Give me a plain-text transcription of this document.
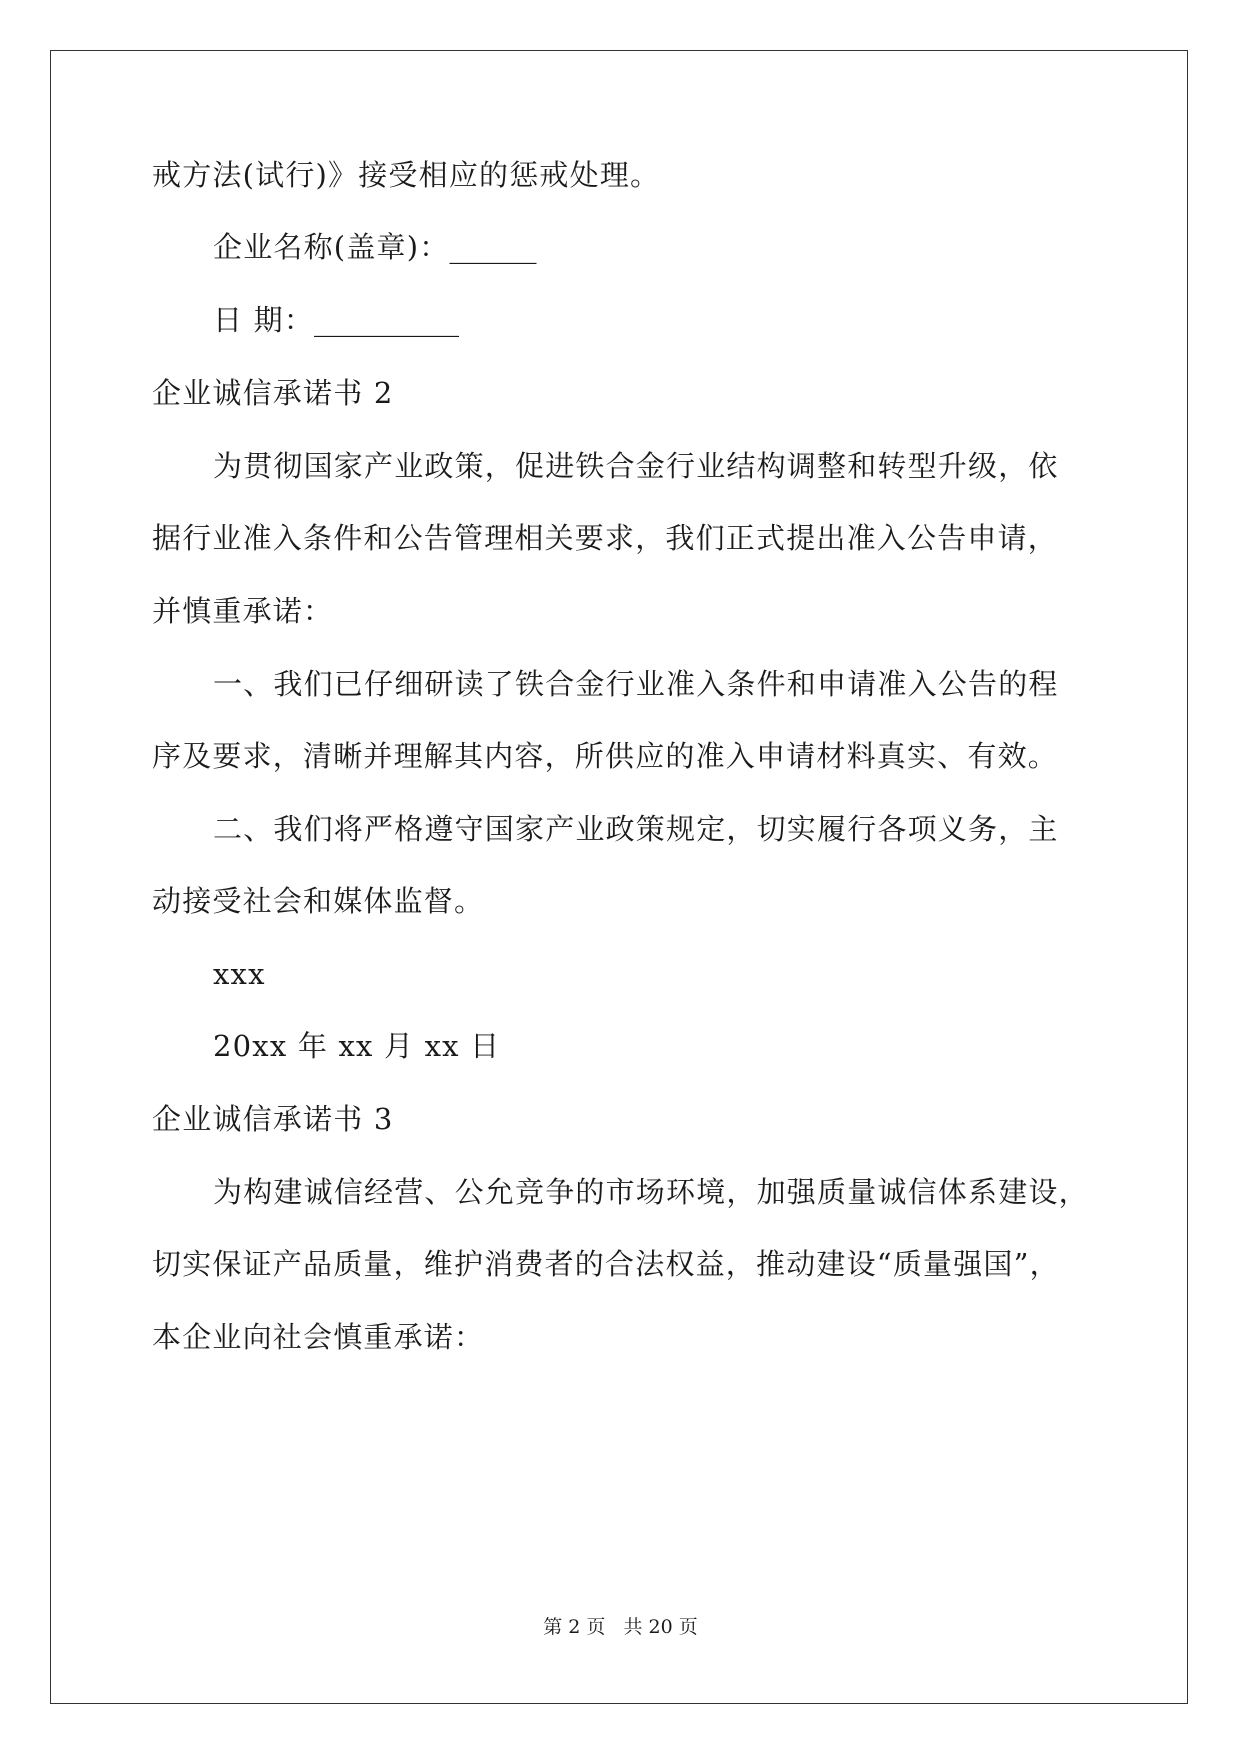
戒方法(试行)》接受相应的惩戒处理。
企业名称(盖章)：______
日 期：__________
企业诚信承诺书 2
为贯彻国家产业政策，促进铁合金行业结构调整和转型升级，依
据行业准入条件和公告管理相关要求，我们正式提出准入公告申请，
并慎重承诺：
一、我们已仔细研读了铁合金行业准入条件和申请准入公告的程
序及要求，清晰并理解其内容，所供应的准入申请材料真实、有效。
二、我们将严格遵守国家产业政策规定，切实履行各项义务，主
动接受社会和媒体监督。
xxx
20xx 年 xx 月 xx 日
企业诚信承诺书 3
为构建诚信经营、公允竞争的市场环境，加强质量诚信体系建设，
切实保证产品质量，维护消费者的合法权益，推动建设“质量强国”，
本企业向社会慎重承诺：
第 2 页 共 20 页
